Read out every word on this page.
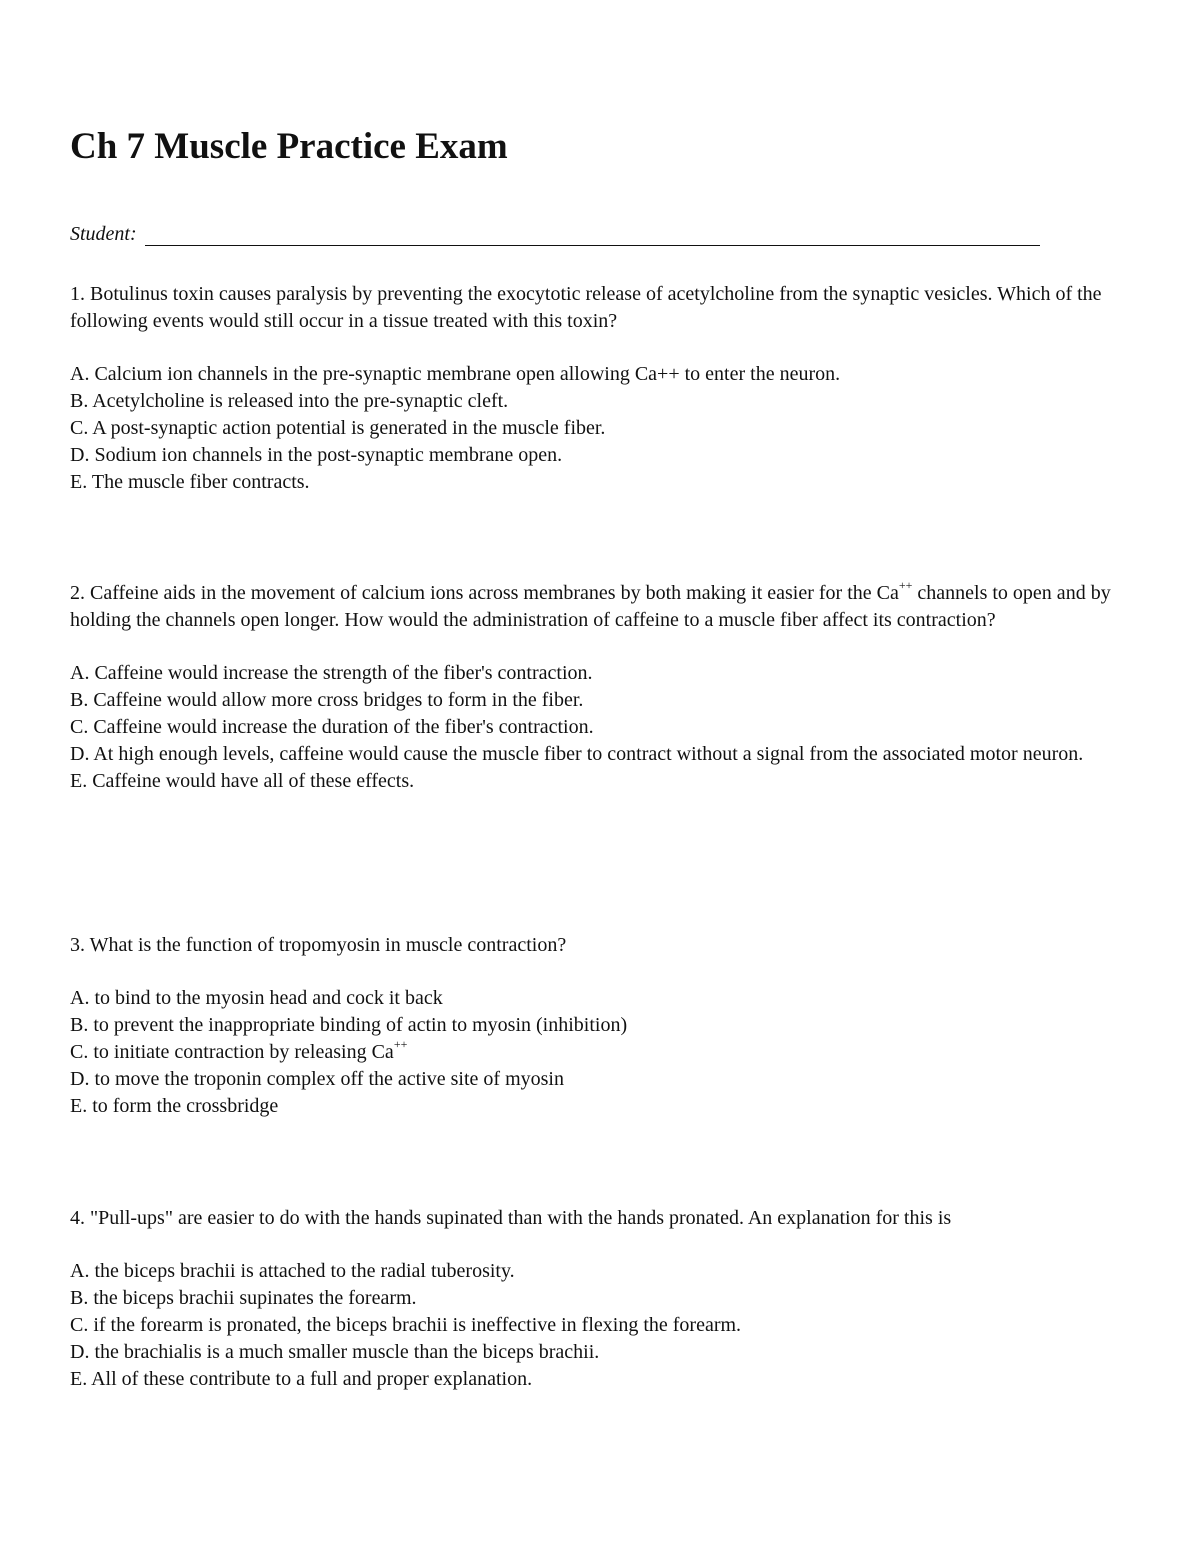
Ch 7 Muscle Practice Exam
Student:

1. Botulinus toxin causes paralysis by preventing the exocytotic release of acetylcholine from the synaptic vesicles. Which of the following events would still occur in a tissue treated with this toxin?

A. Calcium ion channels in the pre-synaptic membrane open allowing Ca++ to enter the neuron.

B. Acetylcholine is released into the pre-synaptic cleft.

C. A post-synaptic action potential is generated in the muscle fiber.

D. Sodium ion channels in the post-synaptic membrane open.

E. The muscle fiber contracts.

2. Caffeine aids in the movement of calcium ions across membranes by both making it easier for the Ca++ channels to open and by holding the channels open longer. How would the administration of caffeine to a muscle fiber affect its contraction?

A. Caffeine would increase the strength of the fiber's contraction.

B. Caffeine would allow more cross bridges to form in the fiber.

C. Caffeine would increase the duration of the fiber's contraction.

D. At high enough levels, caffeine would cause the muscle fiber to contract without a signal from the associated motor neuron.

E. Caffeine would have all of these effects.

3. What is the function of tropomyosin in muscle contraction?

A. to bind to the myosin head and cock it back

B. to prevent the inappropriate binding of actin to myosin (inhibition)

C. to initiate contraction by releasing Ca++

D. to move the troponin complex off the active site of myosin

E. to form the crossbridge

4. "Pull-ups" are easier to do with the hands supinated than with the hands pronated. An explanation for this is

A. the biceps brachii is attached to the radial tuberosity.

B. the biceps brachii supinates the forearm.

C. if the forearm is pronated, the biceps brachii is ineffective in flexing the forearm.

D. the brachialis is a much smaller muscle than the biceps brachii.

E. All of these contribute to a full and proper explanation.
